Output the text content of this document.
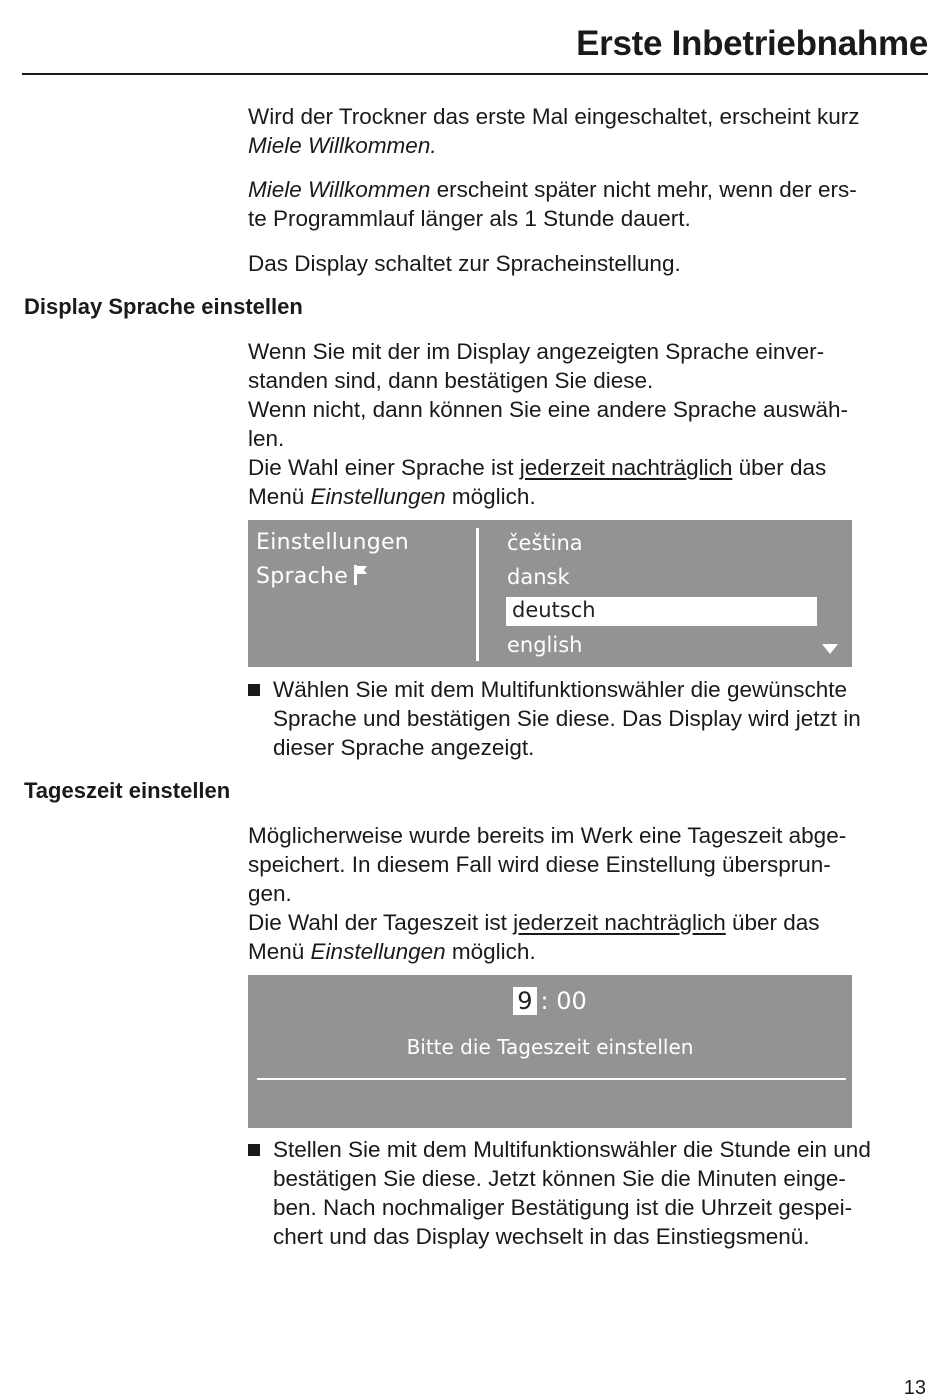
Erste Inbetriebnahme
Wird der Trockner das erste Mal eingeschaltet, erscheint kurz
Miele Willkommen.
Miele Willkommen erscheint später nicht mehr, wenn der ers-
te Programmlauf länger als 1 Stunde dauert.
Das Display schaltet zur Spracheinstellung.
Display Sprache einstellen
Wenn Sie mit der im Display angezeigten Sprache einver-
standen sind, dann bestätigen Sie diese.
Wenn nicht, dann können Sie eine andere Sprache auswäh-
len.
Die Wahl einer Sprache ist jederzeit nachträglich über das
Menü Einstellungen möglich.
Einstellungen
Sprache
čeština
dansk
deutsch
english
Wählen Sie mit dem Multifunktionswähler die gewünschte
Sprache und bestätigen Sie diese. Das Display wird jetzt in
dieser Sprache angezeigt.
Tageszeit einstellen
Möglicherweise wurde bereits im Werk eine Tageszeit abge-
speichert. In diesem Fall wird diese Einstellung übersprun-
gen.
Die Wahl der Tageszeit ist jederzeit nachträglich über das
Menü Einstellungen möglich.
9 : 00
Bitte die Tageszeit einstellen
Stellen Sie mit dem Multifunktionswähler die Stunde ein und
bestätigen Sie diese. Jetzt können Sie die Minuten einge-
ben. Nach nochmaliger Bestätigung ist die Uhrzeit gespei-
chert und das Display wechselt in das Einstiegsmenü.
13
